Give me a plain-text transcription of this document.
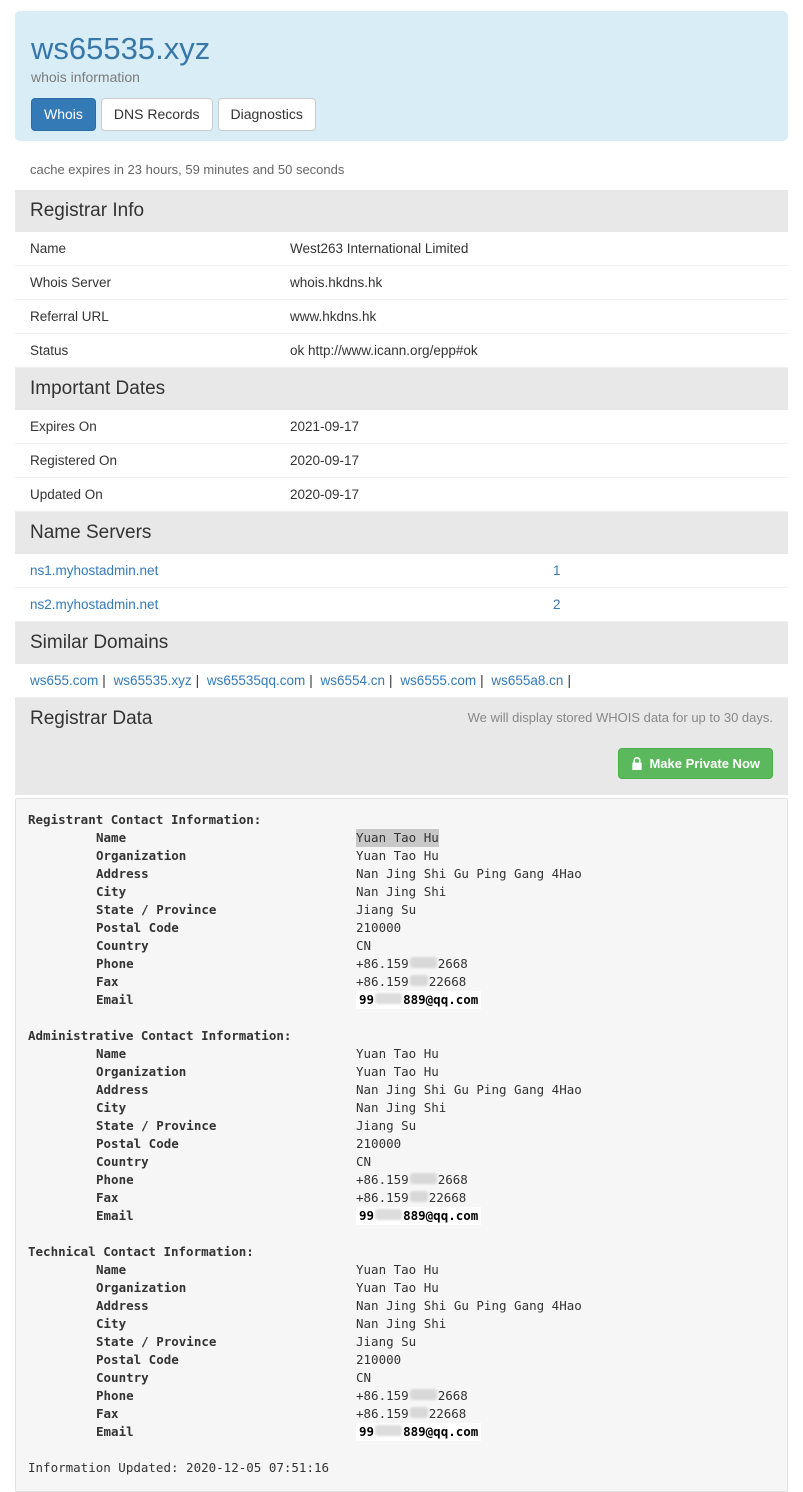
ws65535.xyz
whois information
Whois	DNS Records	Diagnostics
cache expires in 23 hours, 59 minutes and 50 seconds
Registrar Info
Name	West263 International Limited
Whois Server	whois.hkdns.hk
Referral URL	www.hkdns.hk
Status	ok http://www.icann.org/epp#ok
Important Dates
Expires On	2021-09-17
Registered On	2020-09-17
Updated On	2020-09-17
Name Servers
ns1.myhostadmin.net	1
ns2.myhostadmin.net	2
Similar Domains
ws655.com | ws65535.xyz | ws65535qq.com | ws6554.cn | ws6555.com | ws655a8.cn |
Registrar Data	We will display stored WHOIS data for up to 30 days.
Make Private Now
Registrant Contact Information:
Name	Yuan Tao Hu
Organization	Yuan Tao Hu
Address	Nan Jing Shi Gu Ping Gang 4Hao
City	Nan Jing Shi
State / Province	Jiang Su
Postal Code	210000
Country	CN
Phone	+86.159 2668
Fax	+86.159 22668
Email	99 889@qq.com
Administrative Contact Information:
Name	Yuan Tao Hu
Organization	Yuan Tao Hu
Address	Nan Jing Shi Gu Ping Gang 4Hao
City	Nan Jing Shi
State / Province	Jiang Su
Postal Code	210000
Country	CN
Phone	+86.159 2668
Fax	+86.159 22668
Email	99 889@qq.com
Technical Contact Information:
Name	Yuan Tao Hu
Organization	Yuan Tao Hu
Address	Nan Jing Shi Gu Ping Gang 4Hao
City	Nan Jing Shi
State / Province	Jiang Su
Postal Code	210000
Country	CN
Phone	+86.159 2668
Fax	+86.159 22668
Email	99 889@qq.com
Information Updated: 2020-12-05 07:51:16
